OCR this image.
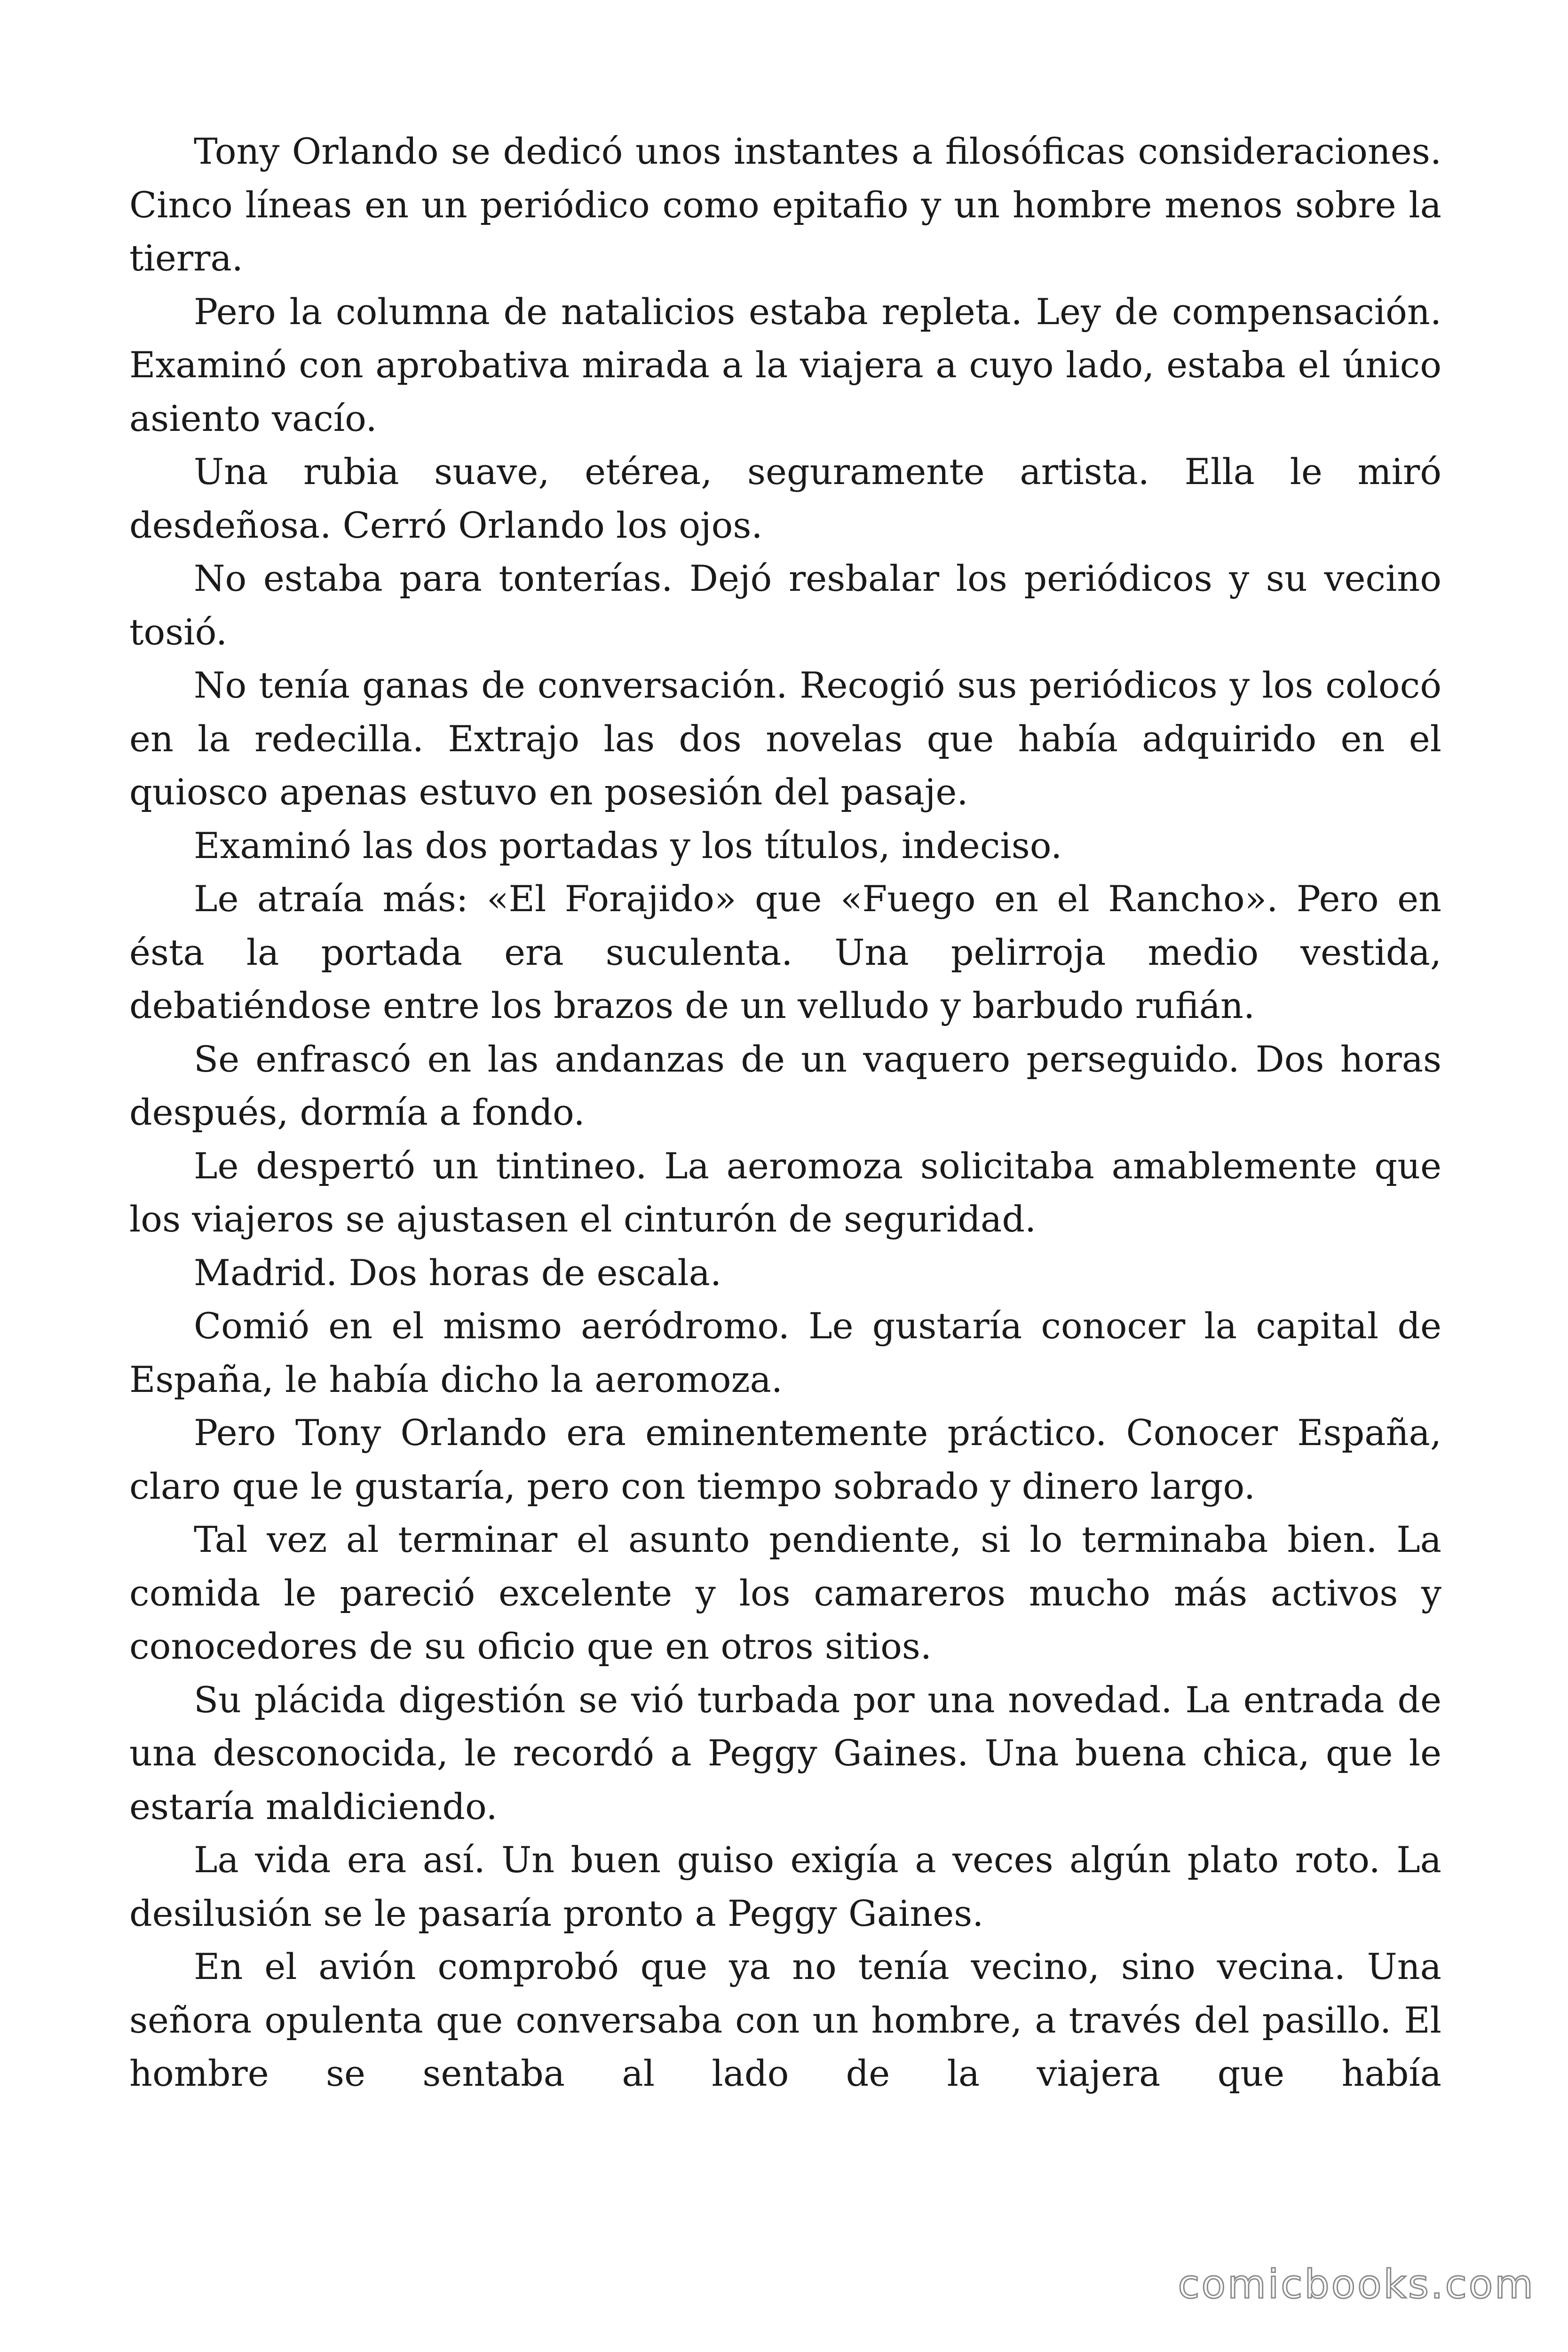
Tony Orlando se dedicó unos instantes a filosóficas consideraciones. Cinco líneas en un periódico como epitafio y un hombre menos sobre la tierra.

Pero la columna de natalicios estaba repleta. Ley de compensación. Examinó con aprobativa mirada a la viajera a cuyo lado, estaba el único asiento vacío.

Una rubia suave, etérea, seguramente artista. Ella le miró desdeñosa. Cerró Orlando los ojos.

No estaba para tonterías. Dejó resbalar los periódicos y su vecino tosió.

No tenía ganas de conversación. Recogió sus periódicos y los colocó en la redecilla. Extrajo las dos novelas que había adquirido en el quiosco apenas estuvo en posesión del pasaje.

Examinó las dos portadas y los títulos, indeciso.

Le atraía más: «El Forajido» que «Fuego en el Rancho». Pero en ésta la portada era suculenta. Una pelirroja medio vestida, debatiéndose entre los brazos de un velludo y barbudo rufián.

Se enfrascó en las andanzas de un vaquero perseguido. Dos horas después, dormía a fondo.

Le despertó un tintineo. La aeromoza solicitaba amablemente que los viajeros se ajustasen el cinturón de seguridad.

Madrid. Dos horas de escala.

Comió en el mismo aeródromo. Le gustaría conocer la capital de España, le había dicho la aeromoza.

Pero Tony Orlando era eminentemente práctico. Conocer España, claro que le gustaría, pero con tiempo sobrado y dinero largo.

Tal vez al terminar el asunto pendiente, si lo terminaba bien. La comida le pareció excelente y los camareros mucho más activos y conocedores de su oficio que en otros sitios.

Su plácida digestión se vió turbada por una novedad. La entrada de una desconocida, le recordó a Peggy Gaines. Una buena chica, que le estaría maldiciendo.

La vida era así. Un buen guiso exigía a veces algún plato roto. La desilusión se le pasaría pronto a Peggy Gaines.

En el avión comprobó que ya no tenía vecino, sino vecina. Una señora opulenta que conversaba con un hombre, a través del pasillo. El hombre se sentaba al lado de la viajera que había

comicbooks.com
